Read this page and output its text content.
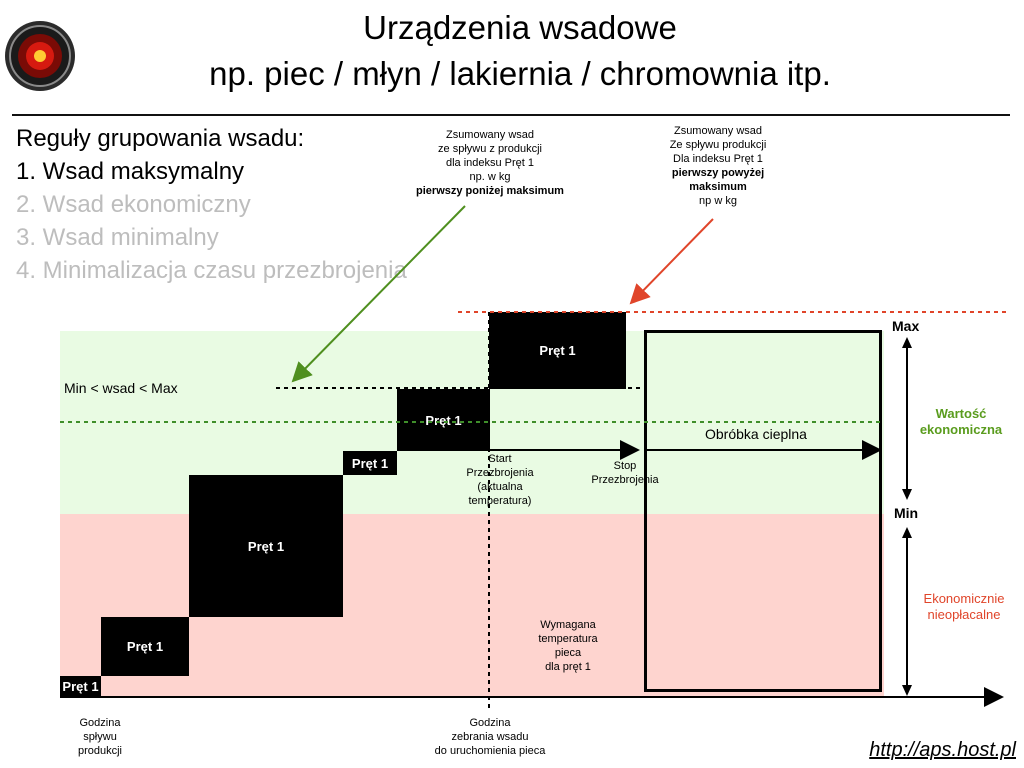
Urządzenia wsadowe
np. piec / młyn / lakiernia / chromownia itp.
Reguły grupowania wsadu:
1. Wsad maksymalny
2. Wsad ekonomiczny
3. Wsad minimalny
4. Minimalizacja czasu przezbrojenia
Pręt 1
Pręt 1
Pręt 1
Pręt 1
Pręt 1
Pręt 1
Zsumowany wsad
ze spływu z produkcji
dla indeksu Pręt 1
np. w kg
pierwszy poniżej maksimum
Zsumowany wsad
Ze spływu produkcji
Dla indeksu Pręt 1
pierwszy powyżej
maksimum
np w kg
Min < wsad < Max
Obróbka cieplna
Start
Przezbrojenia
(aktualna
temperatura)
Stop
Przezbrojenia
Wymagana
temperatura
pieca
dla pręt 1
Max
Min
Wartość
ekonomiczna
Ekonomicznie
nieopłacalne
Godzina
spływu
produkcji
Godzina
zebrania wsadu
do uruchomienia pieca	http://aps.host.pl
